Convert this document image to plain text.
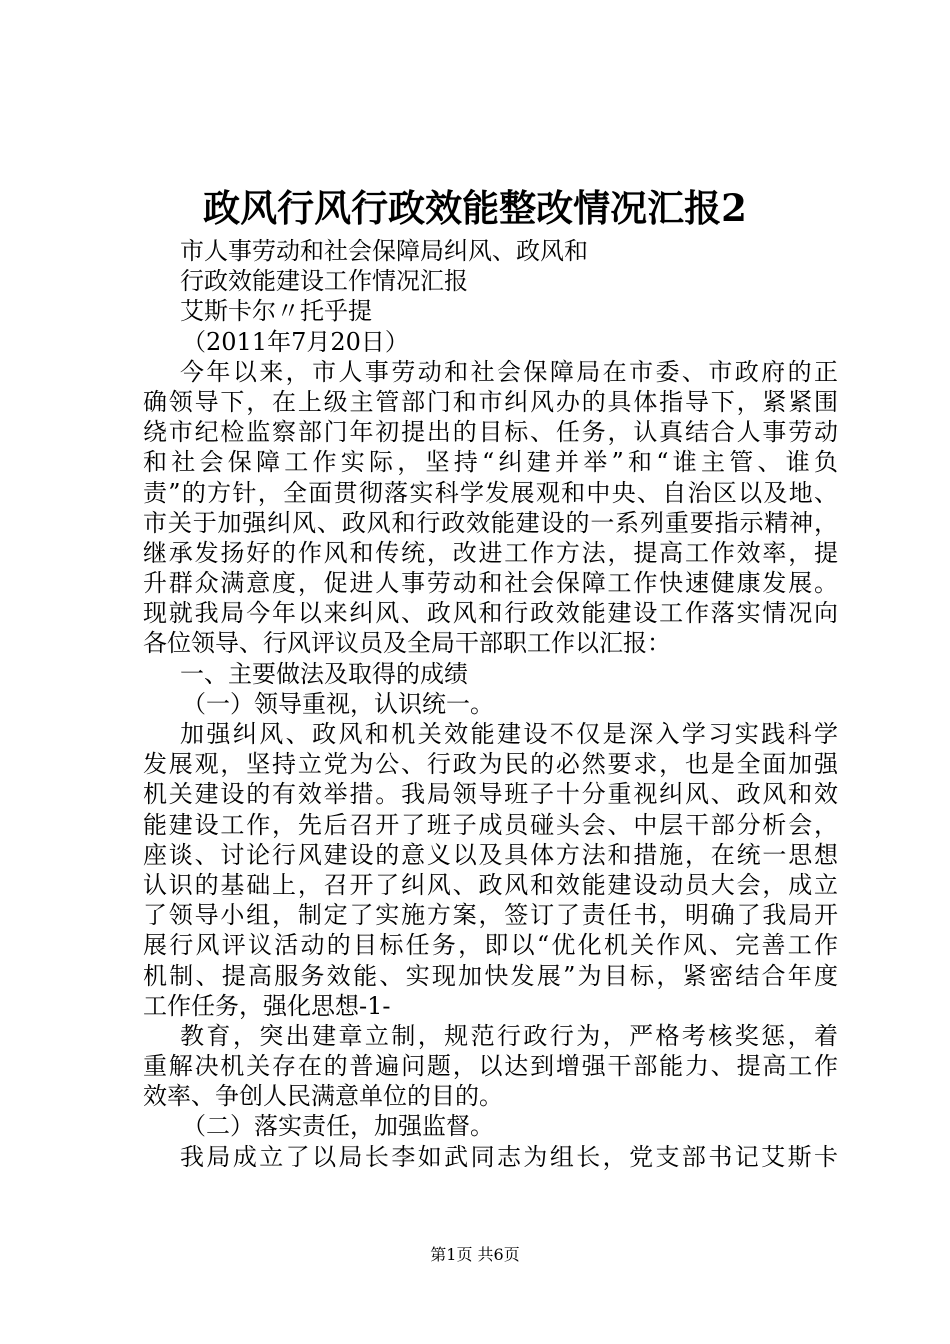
政风行风行政效能整改情况汇报2
市人事劳动和社会保障局纠风、政风和
行政效能建设工作情况汇报
艾斯卡尔〃托乎提
（2011年7月20日）
今年以来，市人事劳动和社会保障局在市委、市政府的正
确领导下，在上级主管部门和市纠风办的具体指导下，紧紧围
绕市纪检监察部门年初提出的目标、任务，认真结合人事劳动
和社会保障工作实际，坚持“纠建并举”和“谁主管、谁负
责”的方针，全面贯彻落实科学发展观和中央、自治区以及地、
市关于加强纠风、政风和行政效能建设的一系列重要指示精神，
继承发扬好的作风和传统，改进工作方法，提高工作效率，提
升群众满意度，促进人事劳动和社会保障工作快速健康发展。
现就我局今年以来纠风、政风和行政效能建设工作落实情况向
各位领导、行风评议员及全局干部职工作以汇报：
一、主要做法及取得的成绩
（一）领导重视，认识统一。
加强纠风、政风和机关效能建设不仅是深入学习实践科学
发展观，坚持立党为公、行政为民的必然要求，也是全面加强
机关建设的有效举措。我局领导班子十分重视纠风、政风和效
能建设工作，先后召开了班子成员碰头会、中层干部分析会，
座谈、讨论行风建设的意义以及具体方法和措施，在统一思想
认识的基础上，召开了纠风、政风和效能建设动员大会，成立
了领导小组，制定了实施方案，签订了责任书，明确了我局开
展行风评议活动的目标任务，即以“优化机关作风、完善工作
机制、提高服务效能、实现加快发展”为目标，紧密结合年度
工作任务，强化思想-1-
教育，突出建章立制，规范行政行为，严格考核奖惩，着
重解决机关存在的普遍问题，以达到增强干部能力、提高工作
效率、争创人民满意单位的目的。
（二）落实责任，加强监督。
我局成立了以局长李如武同志为组长，党支部书记艾斯卡
第1页 共6页
